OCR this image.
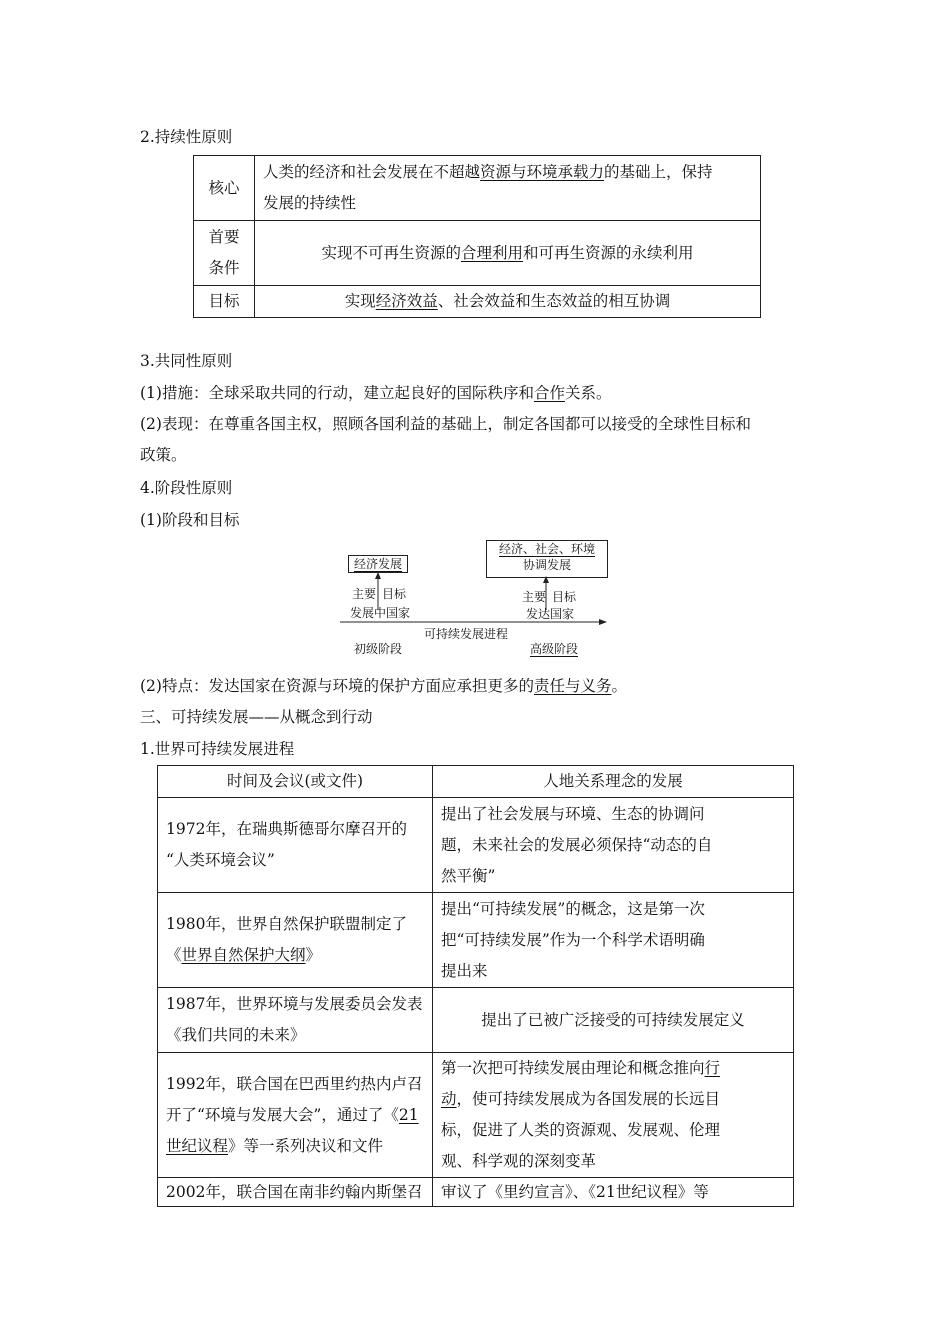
2.持续性原则
核心	人类的经济和社会发展在不超越资源与环境承载力的基础上，保持
发展的持续性
首要
条件	实现不可再生资源的合理利用和可再生资源的永续利用
目标	实现经济效益、社会效益和生态效益的相互协调
3.共同性原则
(1)措施：全球采取共同的行动，建立起良好的国际秩序和合作关系。
(2)表现：在尊重各国主权，照顾各国利益的基础上，制定各国都可以接受的全球性目标和
政策。
4.阶段性原则
(1)阶段和目标
经济发展
经济、社会、环境
协调发展
主要 目标
发展中国家
主要 目标
发达国家
可持续发展进程
初级阶段	高级阶段
(2)特点：发达国家在资源与环境的保护方面应承担更多的责任与义务。
三、可持续发展——从概念到行动
1.世界可持续发展进程
时间及会议(或文件)	人地关系理念的发展
1972年，在瑞典斯德哥尔摩召开的
“人类环境会议”	提出了社会发展与环境、生态的协调问
题，未来社会的发展必须保持“动态的自
然平衡”
1980年，世界自然保护联盟制定了
《世界自然保护大纲》	提出“可持续发展”的概念，这是第一次
把“可持续发展”作为一个科学术语明确
提出来
1987年，世界环境与发展委员会发表
《我们共同的未来》	提出了已被广泛接受的可持续发展定义
1992年，联合国在巴西里约热内卢召
开了“环境与发展大会”，通过了《21
世纪议程》等一系列决议和文件	第一次把可持续发展由理论和概念推向行
动，使可持续发展成为各国发展的长远目
标，促进了人类的资源观、发展观、伦理
观、科学观的深刻变革
2002年，联合国在南非约翰内斯堡召	审议了《里约宣言》、《21世纪议程》等
